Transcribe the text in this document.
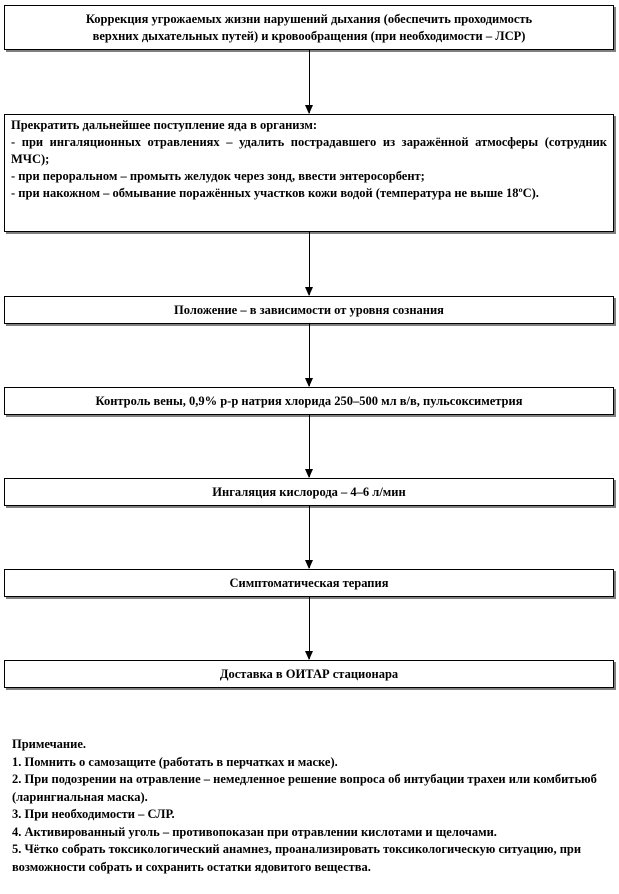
Коррекция угрожаемых жизни нарушений дыхания (обеспечить проходимость
верхних дыхательных путей) и кровообращения (при необходимости – ЛСР)
Прекратить дальнейшее поступление яда в организм:
- при ингаляционных отравлениях – удалить пострадавшего из заражённой атмосферы (сотрудник МЧС);
- при пероральном – промыть желудок через зонд, ввести энтеросорбент;
- при накожном – обмывание поражённых участков кожи водой (температура не выше 18ºС).
Положение – в зависимости от уровня сознания
Контроль вены, 0,9% р-р натрия хлорида 250–500 мл в/в, пульсоксиметрия
Ингаляция кислорода – 4–6 л/мин
Симптоматическая терапия
Доставка в ОИТАР стационара
Примечание.
1. Помнить о самозащите (работать в перчатках и маске).
2. При подозрении на отравление – немедленное решение вопроса об интубации трахеи или комбитьюб (ларингиальная маска).
3. При необходимости – СЛР.
4. Активированный уголь – противопоказан при отравлении кислотами и щелочами.
5. Чётко собрать токсикологический анамнез, проанализировать токсикологическую ситуацию, при возможности собрать и сохранить остатки ядовитого вещества.
